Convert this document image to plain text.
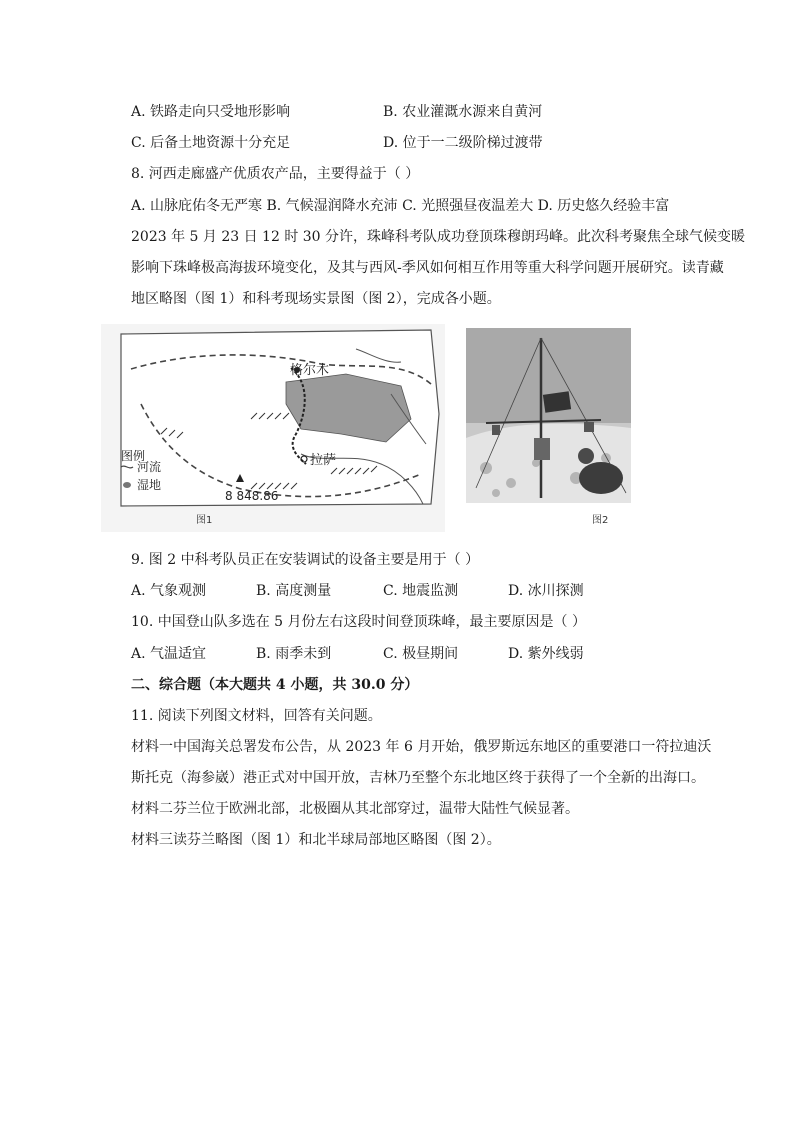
A. 铁路走向只受地形影响	B. 农业灌溉水源来自黄河
C. 后备土地资源十分充足	D. 位于一二级阶梯过渡带
8. 河西走廊盛产优质农产品，主要得益于（ ）
A. 山脉庇佑冬无严寒 B. 气候湿润降水充沛 C. 光照强昼夜温差大 D. 历史悠久经验丰富
2023 年 5 月 23 日 12 时 30 分许，珠峰科考队成功登顶珠穆朗玛峰。此次科考聚焦全球气候变暖
影响下珠峰极高海拔环境变化，及其与西风-季风如何相互作用等重大科学问题开展研究。读青藏
地区略图（图 1）和科考现场实景图（图 2），完成各小题。
格尔木
拉萨
图例
河流
湿地
8 848.86
图1	图2
9. 图 2 中科考队员正在安装调试的设备主要是用于（ ）
A. 气象观测	B. 高度测量	C. 地震监测	D. 冰川探测
10. 中国登山队多选在 5 月份左右这段时间登顶珠峰，最主要原因是（ ）
A. 气温适宜	B. 雨季未到	C. 极昼期间	D. 紫外线弱
二、综合题（本大题共 4 小题，共 30.0 分）
11. 阅读下列图文材料，回答有关问题。
材料一中国海关总署发布公告，从 2023 年 6 月开始，俄罗斯远东地区的重要港口一符拉迪沃
斯托克（海参崴）港正式对中国开放，吉林乃至整个东北地区终于获得了一个全新的出海口。
材料二芬兰位于欧洲北部，北极圈从其北部穿过，温带大陆性气候显著。
材料三读芬兰略图（图 1）和北半球局部地区略图（图 2）。
